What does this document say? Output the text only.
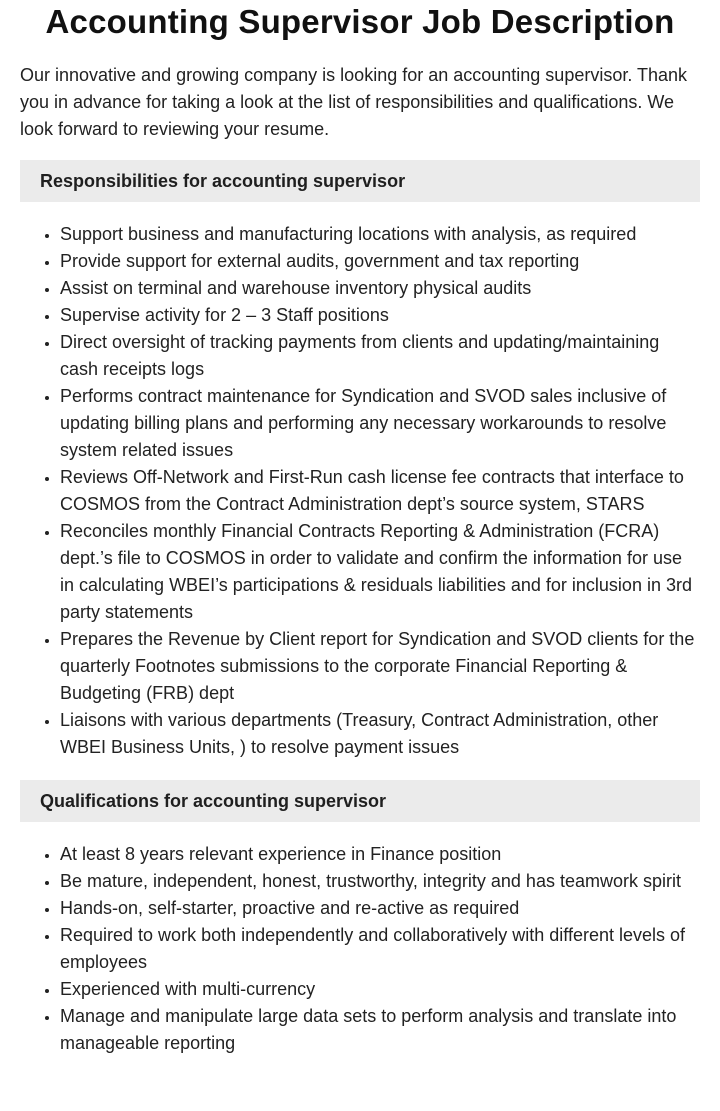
Accounting Supervisor Job Description

Our innovative and growing company is looking for an accounting supervisor. Thank you in advance for taking a look at the list of responsibilities and qualifications. We look forward to reviewing your resume.

Responsibilities for accounting supervisor
• Support business and manufacturing locations with analysis, as required
• Provide support for external audits, government and tax reporting
• Assist on terminal and warehouse inventory physical audits
• Supervise activity for 2 – 3 Staff positions
• Direct oversight of tracking payments from clients and updating/maintaining cash receipts logs
• Performs contract maintenance for Syndication and SVOD sales inclusive of updating billing plans and performing any necessary workarounds to resolve system related issues
• Reviews Off-Network and First-Run cash license fee contracts that interface to COSMOS from the Contract Administration dept’s source system, STARS
• Reconciles monthly Financial Contracts Reporting & Administration (FCRA) dept.’s file to COSMOS in order to validate and confirm the information for use in calculating WBEI’s participations & residuals liabilities and for inclusion in 3rd party statements
• Prepares the Revenue by Client report for Syndication and SVOD clients for the quarterly Footnotes submissions to the corporate Financial Reporting & Budgeting (FRB) dept
• Liaisons with various departments (Treasury, Contract Administration, other WBEI Business Units, ) to resolve payment issues
Qualifications for accounting supervisor
• At least 8 years relevant experience in Finance position
• Be mature, independent, honest, trustworthy, integrity and has teamwork spirit
• Hands-on, self-starter, proactive and re-active as required
• Required to work both independently and collaboratively with different levels of employees
• Experienced with multi-currency
• Manage and manipulate large data sets to perform analysis and translate into manageable reporting
